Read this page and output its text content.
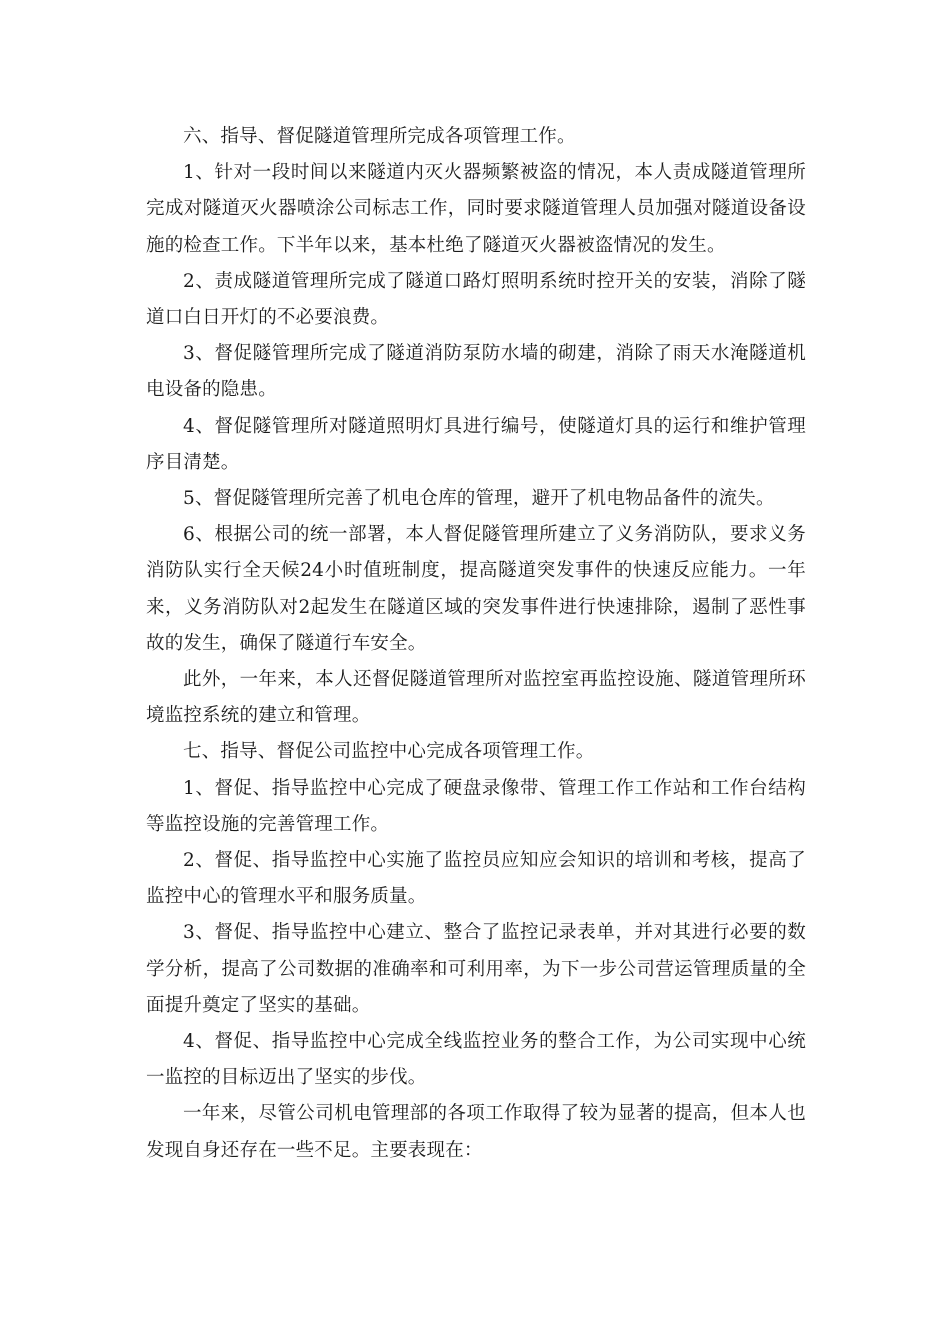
六、指导、督促隧道管理所完成各项管理工作。

1、针对一段时间以来隧道内灭火器频繁被盗的情况，本人责成隧道管理所完成对隧道灭火器喷涂公司标志工作，同时要求隧道管理人员加强对隧道设备设施的检查工作。下半年以来，基本杜绝了隧道灭火器被盗情况的发生。

2、责成隧道管理所完成了隧道口路灯照明系统时控开关的安装，消除了隧道口白日开灯的不必要浪费。

3、督促隧管理所完成了隧道消防泵防水墙的砌建，消除了雨天水淹隧道机电设备的隐患。

4、督促隧管理所对隧道照明灯具进行编号，使隧道灯具的运行和维护管理序目清楚。

5、督促隧管理所完善了机电仓库的管理，避开了机电物品备件的流失。

6、根据公司的统一部署，本人督促隧管理所建立了义务消防队，要求义务消防队实行全天候24小时值班制度，提高隧道突发事件的快速反应能力。一年来，义务消防队对2起发生在隧道区域的突发事件进行快速排除，遏制了恶性事故的发生，确保了隧道行车安全。

此外，一年来，本人还督促隧道管理所对监控室再监控设施、隧道管理所环境监控系统的建立和管理。

七、指导、督促公司监控中心完成各项管理工作。

1、督促、指导监控中心完成了硬盘录像带、管理工作工作站和工作台结构等监控设施的完善管理工作。

2、督促、指导监控中心实施了监控员应知应会知识的培训和考核，提高了监控中心的管理水平和服务质量。

3、督促、指导监控中心建立、整合了监控记录表单，并对其进行必要的数学分析，提高了公司数据的准确率和可利用率，为下一步公司营运管理质量的全面提升奠定了坚实的基础。

4、督促、指导监控中心完成全线监控业务的整合工作，为公司实现中心统一监控的目标迈出了坚实的步伐。

一年来，尽管公司机电管理部的各项工作取得了较为显著的提高，但本人也发现自身还存在一些不足。主要表现在：
